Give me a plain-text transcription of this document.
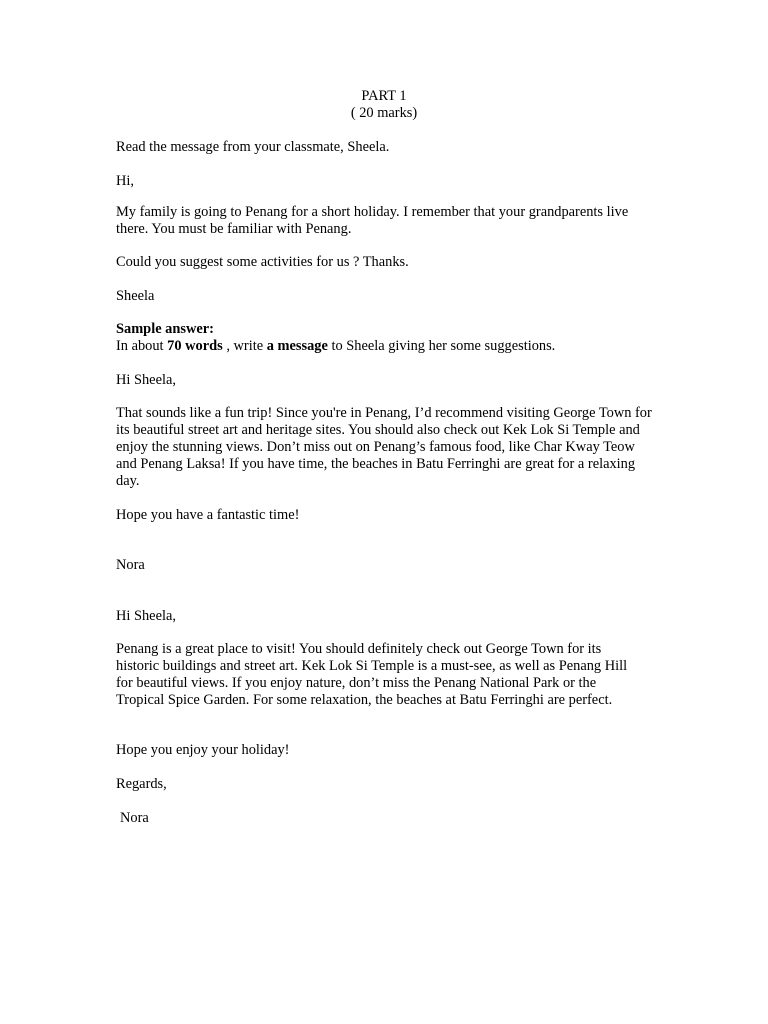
PART 1
( 20 marks)

Read the message from your classmate, Sheela.

Hi,

My family is going to Penang for a short holiday. I remember that your grandparents live there. You must be familiar with Penang.

Could you suggest some activities for us ? Thanks.

Sheela

Sample answer:

In about 70 words , write a message to Sheela giving her some suggestions.

Hi Sheela,

That sounds like a fun trip! Since you're in Penang, I’d recommend visiting George Town for its beautiful street art and heritage sites. You should also check out Kek Lok Si Temple and enjoy the stunning views. Don’t miss out on Penang’s famous food, like Char Kway Teow and Penang Laksa! If you have time, the beaches in Batu Ferringhi are great for a relaxing day.

Hope you have a fantastic time!

Nora

Hi Sheela,

Penang is a great place to visit! You should definitely check out George Town for its historic buildings and street art. Kek Lok Si Temple is a must-see, as well as Penang Hill for beautiful views. If you enjoy nature, don’t miss the Penang National Park or the Tropical Spice Garden. For some relaxation, the beaches at Batu Ferringhi are perfect.

Hope you enjoy your holiday!

Regards,

Nora
